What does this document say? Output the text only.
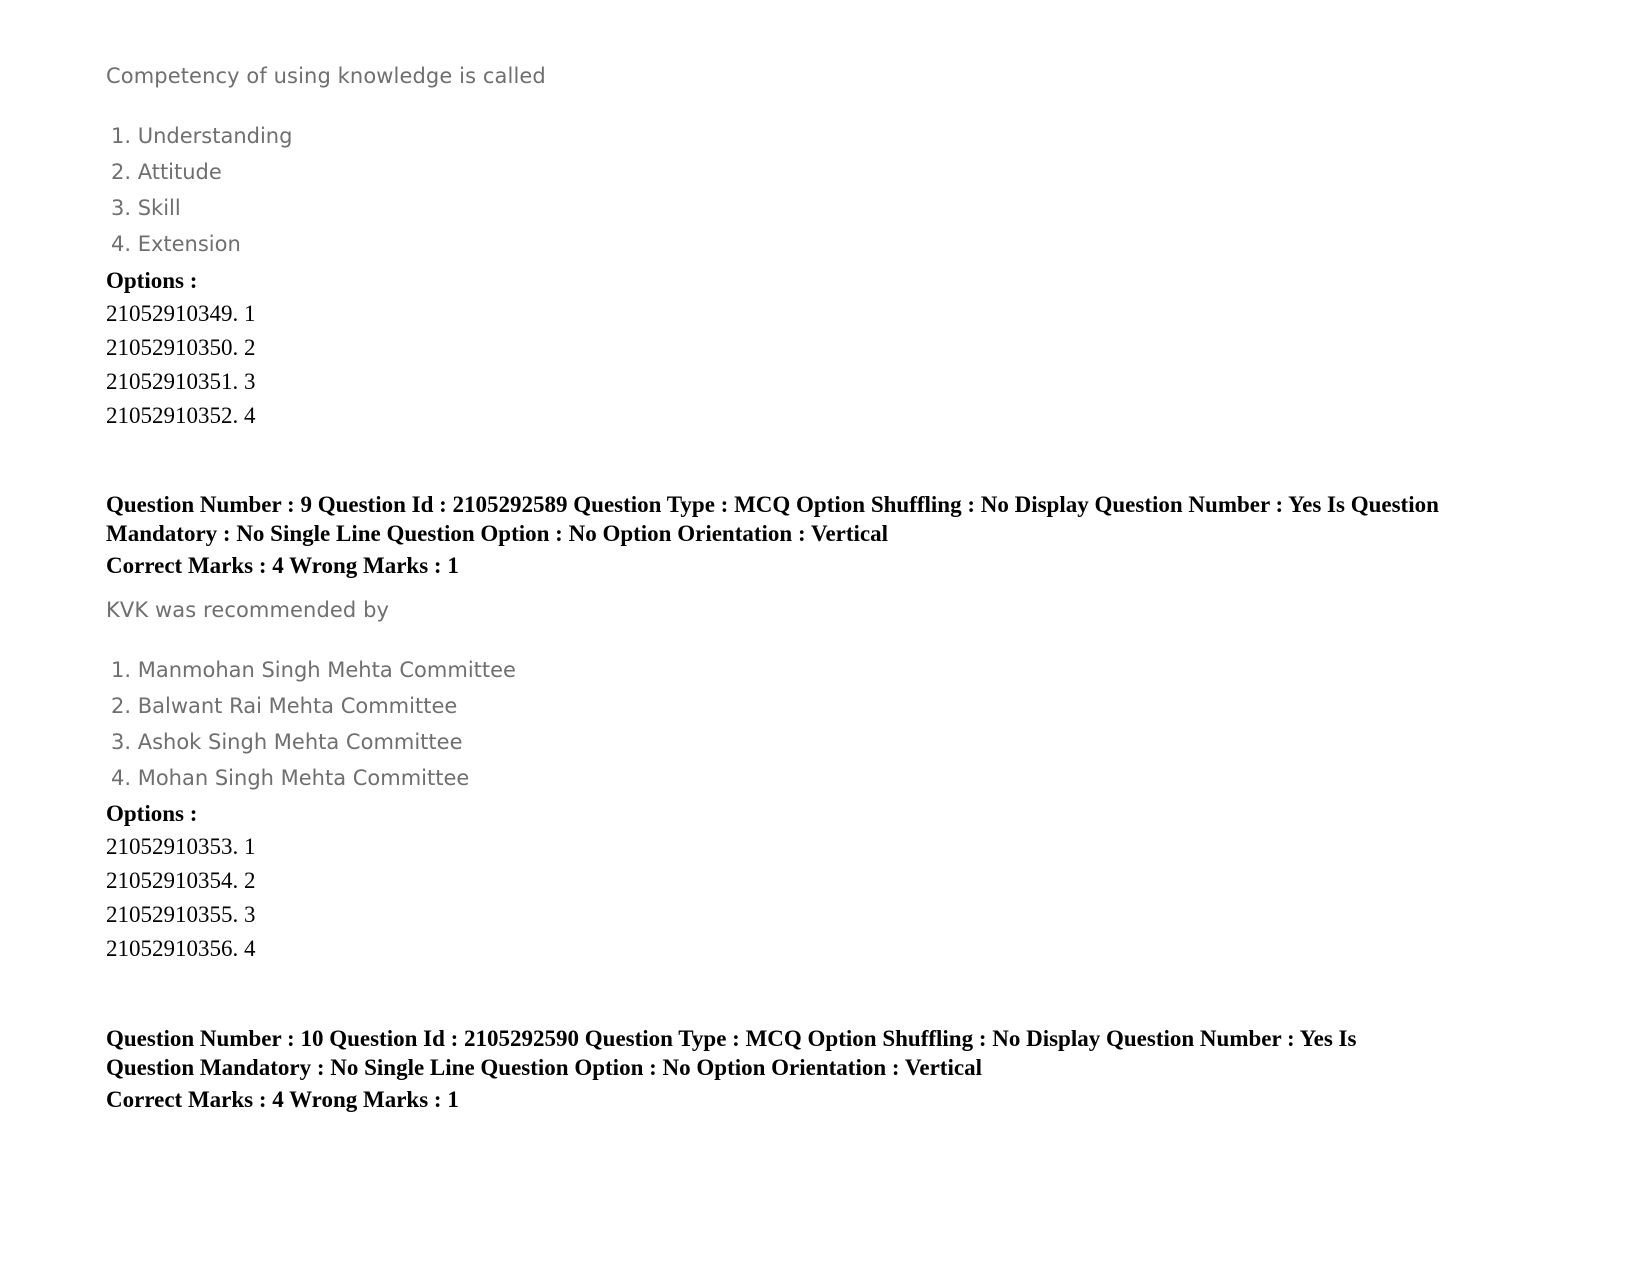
Competency of using knowledge is called
1. Understanding
2. Attitude
3. Skill
4. Extension
Options :
21052910349. 1
21052910350. 2
21052910351. 3
21052910352. 4
Question Number : 9 Question Id : 2105292589 Question Type : MCQ Option Shuffling : No Display Question Number : Yes Is Question
Mandatory : No Single Line Question Option : No Option Orientation : Vertical
Correct Marks : 4 Wrong Marks : 1
KVK was recommended by
1. Manmohan Singh Mehta Committee
2. Balwant Rai Mehta Committee
3. Ashok Singh Mehta Committee
4. Mohan Singh Mehta Committee
Options :
21052910353. 1
21052910354. 2
21052910355. 3
21052910356. 4
Question Number : 10 Question Id : 2105292590 Question Type : MCQ Option Shuffling : No Display Question Number : Yes Is
Question Mandatory : No Single Line Question Option : No Option Orientation : Vertical
Correct Marks : 4 Wrong Marks : 1
